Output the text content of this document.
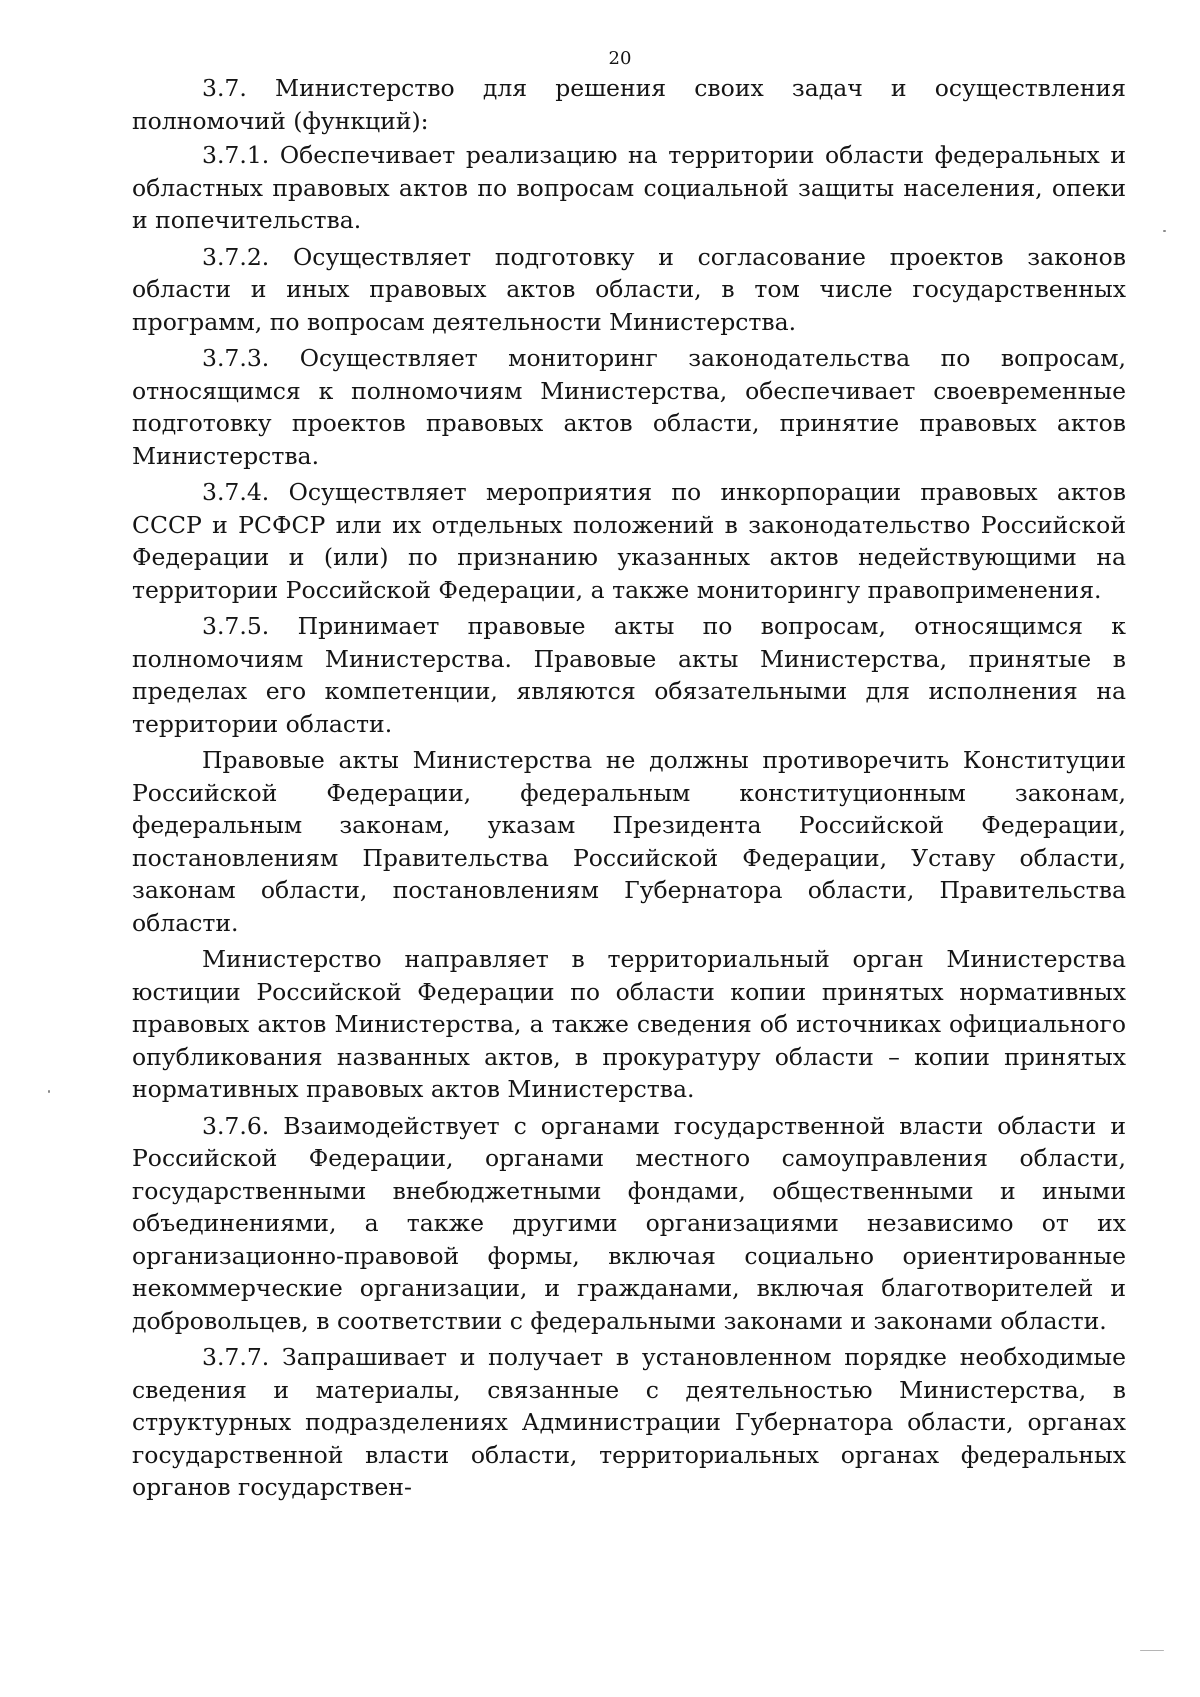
20

3.7. Министерство для решения своих задач и осуществления полномочий (функций):

3.7.1. Обеспечивает реализацию на территории области федеральных и областных правовых актов по вопросам социальной защиты населения, опеки и попечительства.

3.7.2. Осуществляет подготовку и согласование проектов законов области и иных правовых актов области, в том числе государственных программ, по вопросам деятельности Министерства.

3.7.3. Осуществляет мониторинг законодательства по вопросам, относящимся к полномочиям Министерства, обеспечивает своевременные подготовку проектов правовых актов области, принятие правовых актов Министерства.

3.7.4. Осуществляет мероприятия по инкорпорации правовых актов СССР и РСФСР или их отдельных положений в законодательство Российской Федерации и (или) по признанию указанных актов недействующими на территории Российской Федерации, а также мониторингу правоприменения.

3.7.5. Принимает правовые акты по вопросам, относящимся к полномочиям Министерства. Правовые акты Министерства, принятые в пределах его компетенции, являются обязательными для исполнения на территории области.

Правовые акты Министерства не должны противоречить Конституции Российской Федерации, федеральным конституционным законам, федеральным законам, указам Президента Российской Федерации, постановлениям Правительства Российской Федерации, Уставу области, законам области, постановлениям Губернатора области, Правительства области.

Министерство направляет в территориальный орган Министерства юстиции Российской Федерации по области копии принятых нормативных правовых актов Министерства, а также сведения об источниках официального опубликования названных актов, в прокуратуру области – копии принятых нормативных правовых актов Министерства.

3.7.6. Взаимодействует с органами государственной власти области и Российской Федерации, органами местного самоуправления области, государственными внебюджетными фондами, общественными и иными объединениями, а также другими организациями независимо от их организационно-правовой формы, включая социально ориентированные некоммерческие организации, и гражданами, включая благотворителей и добровольцев, в соответствии с федеральными законами и законами области.

3.7.7. Запрашивает и получает в установленном порядке необходимые сведения и материалы, связанные с деятельностью Министерства, в структурных подразделениях Администрации Губернатора области, органах государственной власти области, территориальных органах федеральных органов государствен-
